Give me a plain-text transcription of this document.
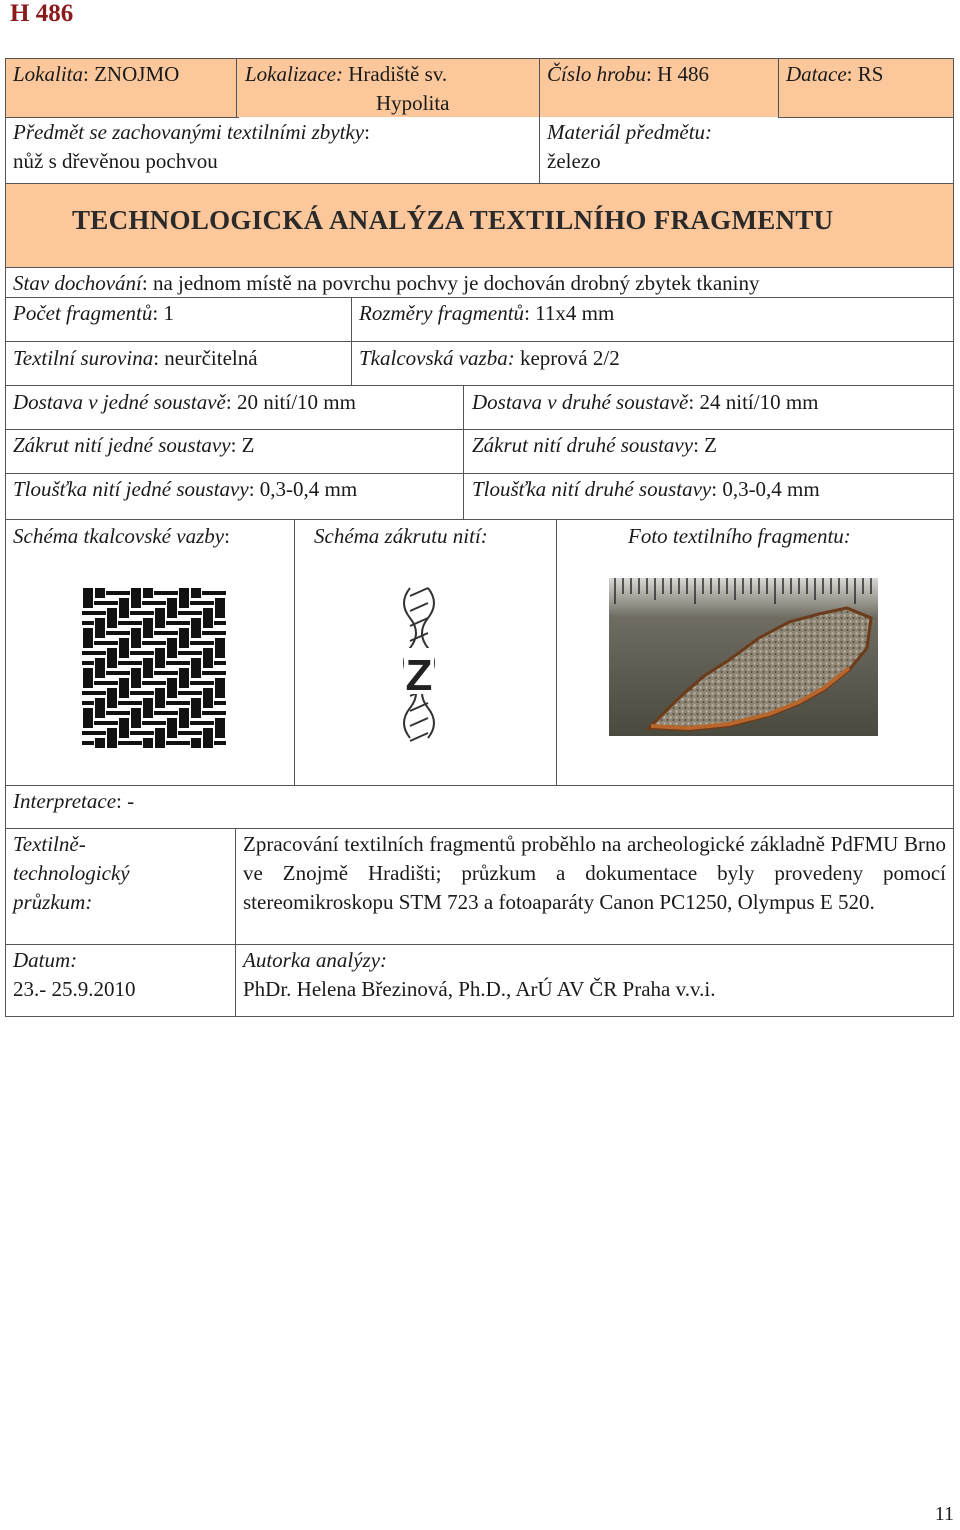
H 486
Lokalita: ZNOJMO	Lokalizace: Hradiště sv.
Hypolita
Číslo hrobu: H 486	Datace: RS
Předmět se zachovanými textilními zbytky:
nůž s dřevěnou pochvou
Materiál předmětu:
železo
TECHNOLOGICKÁ ANALÝZA TEXTILNÍHO FRAGMENTU
Stav dochování: na jednom místě na povrchu pochvy je dochován drobný zbytek tkaniny
Počet fragmentů: 1	Rozměry fragmentů: 11x4 mm
Textilní surovina: neurčitelná	Tkalcovská vazba: keprová 2/2
Dostava v jedné soustavě: 20 nití/10 mm	Dostava v druhé soustavě: 24 nití/10 mm
Zákrut nití jedné soustavy: Z	Zákrut nití druhé soustavy: Z
Tloušťka nití jedné soustavy: 0,3-0,4 mm	Tloušťka nití druhé soustavy: 0,3-0,4 mm
Schéma tkalcovské vazby:	Schéma zákrutu nití:	Foto textilního fragmentu:
Z
Interpretace: -
Textilně-
technologický
průzkum:
Zpracování textilních fragmentů proběhlo na archeologické základně PdFMU Brno ve Znojmě Hradišti; průzkum a dokumentace byly provedeny pomocí stereomikroskopu STM 723 a fotoaparáty Canon PC1250, Olympus E 520.
Datum:
23.- 25.9.2010
Autorka analýzy:
PhDr. Helena Březinová, Ph.D., ArÚ AV ČR Praha v.v.i.
11
